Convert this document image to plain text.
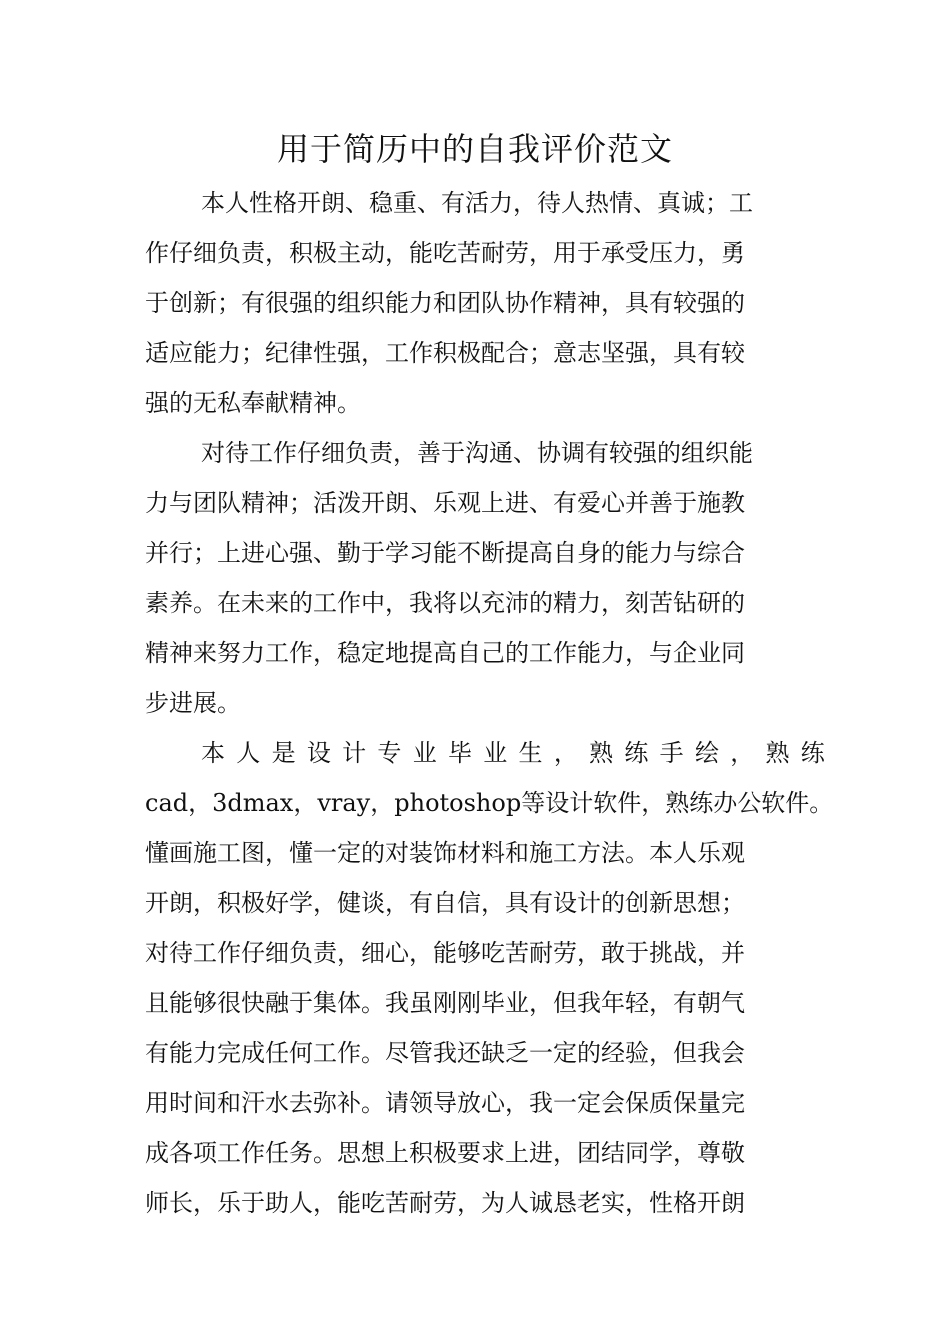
用于简历中的自我评价范文
本人性格开朗、稳重、有活力，待人热情、真诚；工
作仔细负责，积极主动，能吃苦耐劳，用于承受压力，勇
于创新；有很强的组织能力和团队协作精神，具有较强的
适应能力；纪律性强，工作积极配合；意志坚强，具有较
强的无私奉献精神。
对待工作仔细负责，善于沟通、协调有较强的组织能
力与团队精神；活泼开朗、乐观上进、有爱心并善于施教
并行；上进心强、勤于学习能不断提高自身的能力与综合
素养。在未来的工作中，我将以充沛的精力，刻苦钻研的
精神来努力工作，稳定地提高自己的工作能力，与企业同
步进展。
本 人 是 设 计 专 业 毕 业 生 ， 熟 练 手 绘 ， 熟 练
cad，3dmax，vray，photoshop等设计软件，熟练办公软件。
懂画施工图，懂一定的对装饰材料和施工方法。本人乐观
开朗，积极好学，健谈，有自信，具有设计的创新思想；
对待工作仔细负责，细心，能够吃苦耐劳，敢于挑战，并
且能够很快融于集体。我虽刚刚毕业，但我年轻，有朝气
有能力完成任何工作。尽管我还缺乏一定的经验，但我会
用时间和汗水去弥补。请领导放心，我一定会保质保量完
成各项工作任务。思想上积极要求上进，团结同学，尊敬
师长，乐于助人，能吃苦耐劳，为人诚恳老实，性格开朗
